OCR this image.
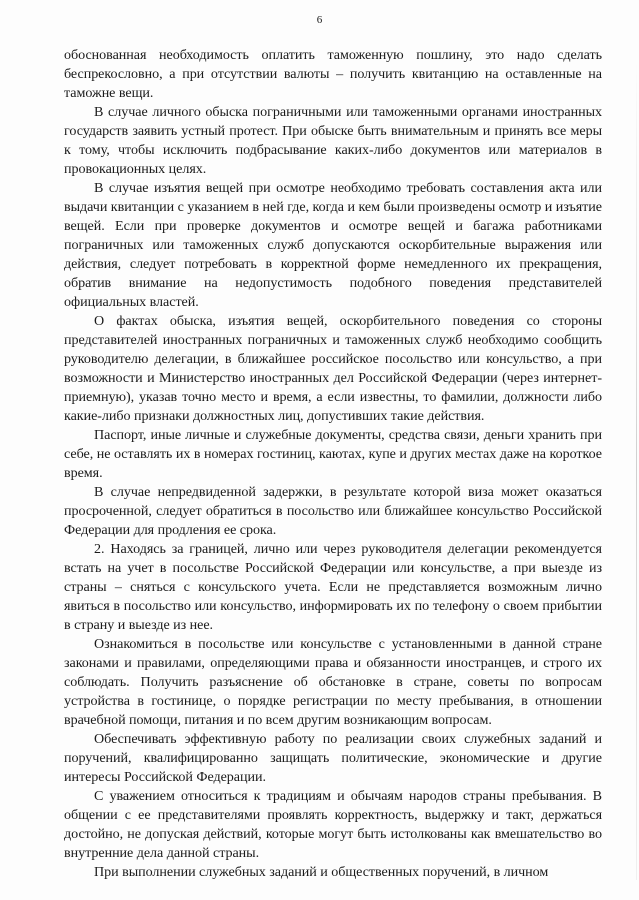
6

обоснованная необходимость оплатить таможенную пошлину, это надо сделать беспрекословно, а при отсутствии валюты – получить квитанцию на оставленные на таможне вещи.

В случае личного обыска пограничными или таможенными органами иностранных государств заявить устный протест. При обыске быть внимательным и принять все меры к тому, чтобы исключить подбрасывание каких-либо документов или материалов в провокационных целях.

В случае изъятия вещей при осмотре необходимо требовать составления акта или выдачи квитанции с указанием в ней где, когда и кем были произведены осмотр и изъятие вещей. Если при проверке документов и осмотре вещей и багажа работниками пограничных или таможенных служб допускаются оскорбительные выражения или действия, следует потребовать в корректной форме немедленного их прекращения, обратив внимание на недопустимость подобного поведения представителей официальных властей.

О фактах обыска, изъятия вещей, оскорбительного поведения со стороны представителей иностранных пограничных и таможенных служб необходимо сообщить руководителю делегации, в ближайшее российское посольство или консульство, а при возможности и Министерство иностранных дел Российской Федерации (через интернет-приемную), указав точно место и время, а если известны, то фамилии, должности либо какие-либо признаки должностных лиц, допустивших такие действия.

Паспорт, иные личные и служебные документы, средства связи, деньги хранить при себе, не оставлять их в номерах гостиниц, каютах, купе и других местах даже на короткое время.

В случае непредвиденной задержки, в результате которой виза может оказаться просроченной, следует обратиться в посольство или ближайшее консульство Российской Федерации для продления ее срока.

2. Находясь за границей, лично или через руководителя делегации рекомендуется встать на учет в посольстве Российской Федерации или консульстве, а при выезде из страны – сняться с консульского учета. Если не представляется возможным лично явиться в посольство или консульство, информировать их по телефону о своем прибытии в страну и выезде из нее.

Ознакомиться в посольстве или консульстве с установленными в данной стране законами и правилами, определяющими права и обязанности иностранцев, и строго их соблюдать. Получить разъяснение об обстановке в стране, советы по вопросам устройства в гостинице, о порядке регистрации по месту пребывания, в отношении врачебной помощи, питания и по всем другим возникающим вопросам.

Обеспечивать эффективную работу по реализации своих служебных заданий и поручений, квалифицированно защищать политические, экономические и другие интересы Российской Федерации.

С уважением относиться к традициям и обычаям народов страны пребывания. В общении с ее представителями проявлять корректность, выдержку и такт, держаться достойно, не допуская действий, которые могут быть истолкованы как вмешательство во внутренние дела данной страны.

При выполнении служебных заданий и общественных поручений, в личном
